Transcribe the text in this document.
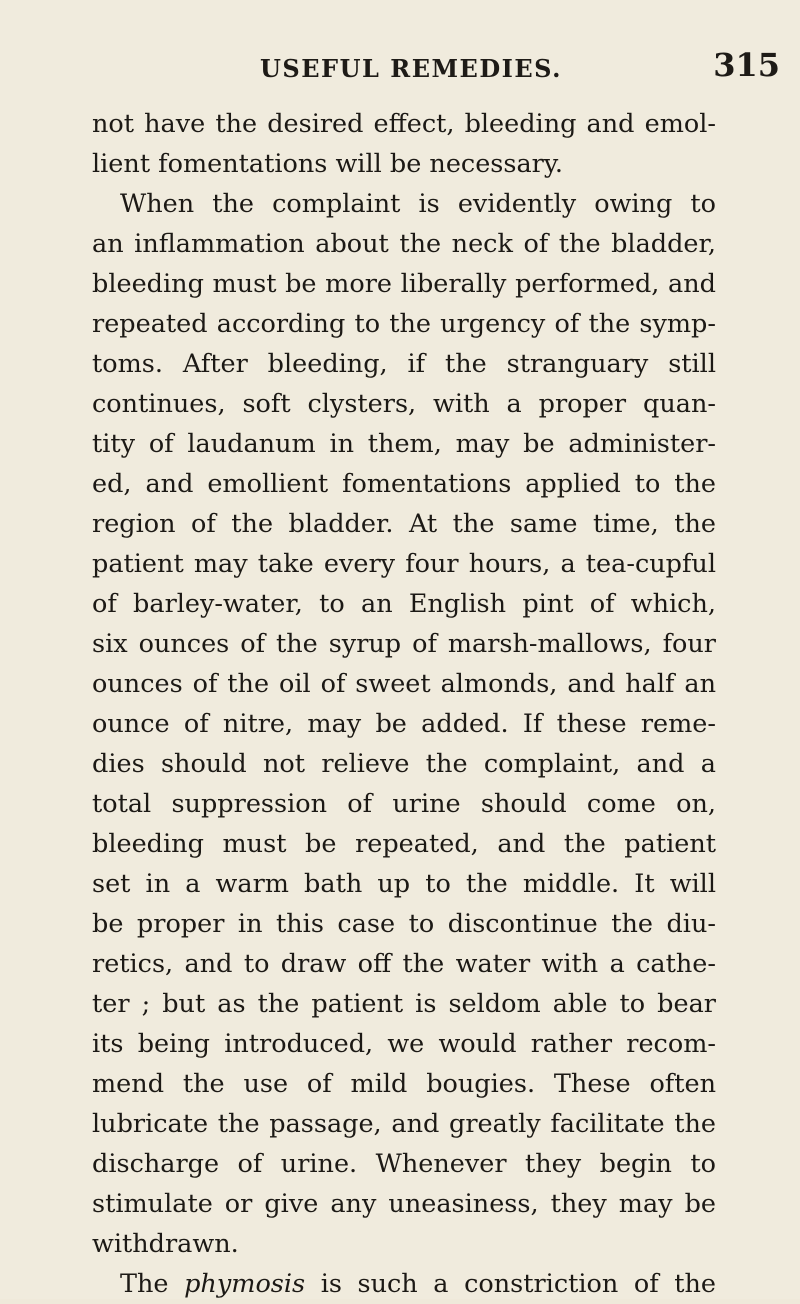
USEFUL REMEDIES.	315
not have the desired effect, bleeding and emol-
lient fomentations will be necessary.
When the complaint is evidently owing to
an inflammation about the neck of the bladder,
bleeding must be more liberally performed, and
repeated according to the urgency of the symp-
toms. After bleeding, if the stranguary still
continues, soft clysters, with a proper quan-
tity of laudanum in them, may be administer-
ed, and emollient fomentations applied to the
region of the bladder. At the same time, the
patient may take every four hours, a tea-cupful
of barley-water, to an English pint of which,
six ounces of the syrup of marsh-mallows, four
ounces of the oil of sweet almonds, and half an
ounce of nitre, may be added. If these reme-
dies should not relieve the complaint, and a
total suppression of urine should come on,
bleeding must be repeated, and the patient
set in a warm bath up to the middle. It will
be proper in this case to discontinue the diu-
retics, and to draw off the water with a cathe-
ter ; but as the patient is seldom able to bear
its being introduced, we would rather recom-
mend the use of mild bougies. These often
lubricate the passage, and greatly facilitate the
discharge of urine. Whenever they begin to
stimulate or give any uneasiness, they may be
withdrawn.
The phymosis is such a constriction of the
